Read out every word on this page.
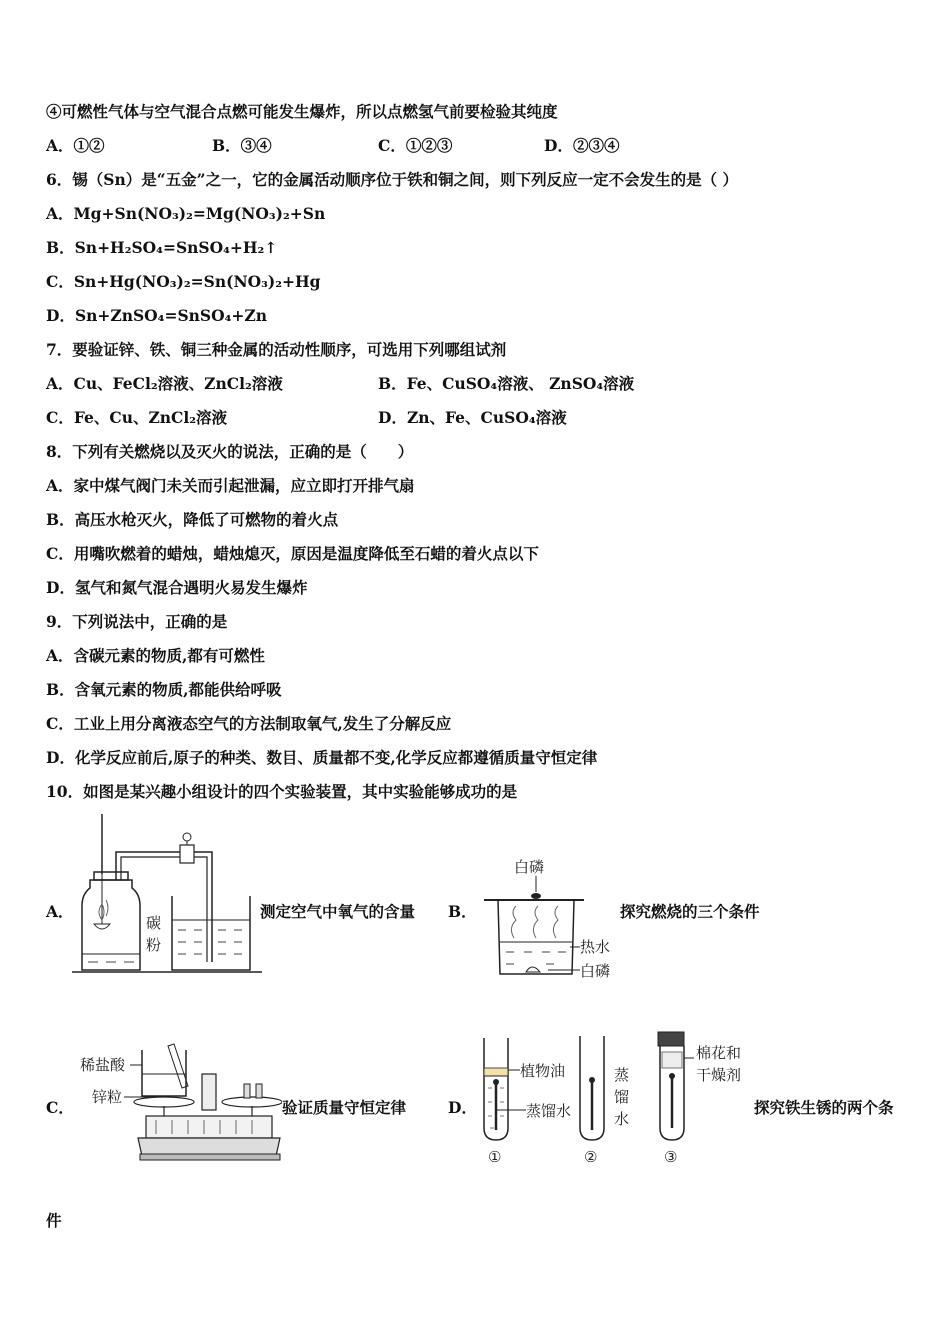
④可燃性气体与空气混合点燃可能发生爆炸，所以点燃氢气前要检验其纯度
A．①②	B．③④	C．①②③	D．②③④
6．锡（Sn）是“五金”之一，它的金属活动顺序位于铁和铜之间，则下列反应一定不会发生的是（ ）
A．Mg+Sn(NO₃)₂=Mg(NO₃)₂+Sn
B．Sn+H₂SO₄=SnSO₄+H₂↑
C．Sn+Hg(NO₃)₂=Sn(NO₃)₂+Hg
D．Sn+ZnSO₄=SnSO₄+Zn
7．要验证锌、铁、铜三种金属的活动性顺序，可选用下列哪组试剂
A．Cu、FeCl₂溶液、ZnCl₂溶液	B．Fe、CuSO₄溶液、 ZnSO₄溶液
C．Fe、Cu、ZnCl₂溶液	D．Zn、Fe、CuSO₄溶液
8．下列有关燃烧以及灭火的说法，正确的是（　　）
A．家中煤气阀门未关而引起泄漏，应立即打开排气扇
B．高压水枪灭火，降低了可燃物的着火点
C．用嘴吹燃着的蜡烛，蜡烛熄灭，原因是温度降低至石蜡的着火点以下
D．氢气和氮气混合遇明火易发生爆炸
9．下列说法中，正确的是
A．含碳元素的物质,都有可燃性
B．含氧元素的物质,都能供给呼吸
C．工业上用分离液态空气的方法制取氧气,发生了分解反应
D．化学反应前后,原子的种类、数目、质量都不变,化学反应都遵循质量守恒定律
10．如图是某兴趣小组设计的四个实验装置，其中实验能够成功的是
A．
碳
粉
测定空气中氧气的含量 B．
白磷
热水
白磷
探究燃烧的三个条件
C．
稀盐酸
锌粒
验证质量守恒定律	D．
植物油
蒸馏水
①
蒸
馏
水
②
棉花和
干燥剂
③
探究铁生锈的两个条
件
